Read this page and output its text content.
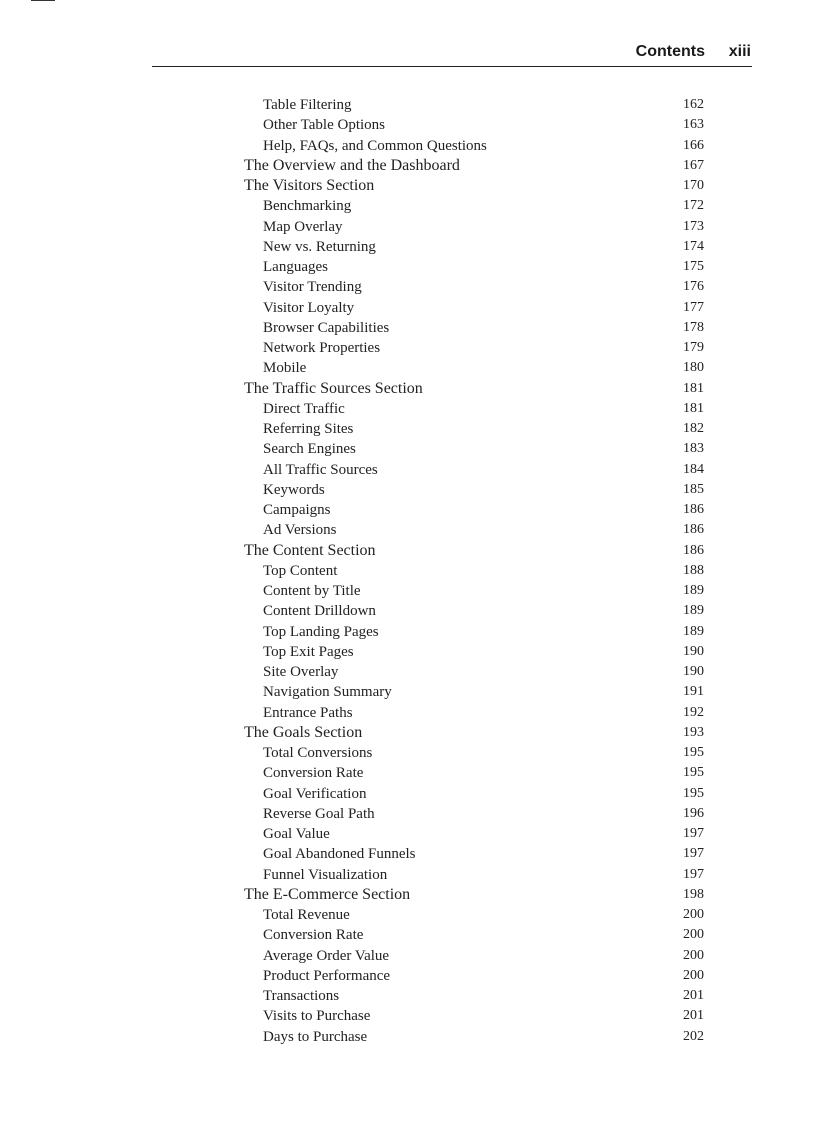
Contents xiii
Table Filtering	162
Other Table Options	163
Help, FAQs, and Common Questions	166
The Overview and the Dashboard	167
The Visitors Section	170
Benchmarking	172
Map Overlay	173
New vs. Returning	174
Languages	175
Visitor Trending	176
Visitor Loyalty	177
Browser Capabilities	178
Network Properties	179
Mobile	180
The Traffic Sources Section	181
Direct Traffic	181
Referring Sites	182
Search Engines	183
All Traffic Sources	184
Keywords	185
Campaigns	186
Ad Versions	186
The Content Section	186
Top Content	188
Content by Title	189
Content Drilldown	189
Top Landing Pages	189
Top Exit Pages	190
Site Overlay	190
Navigation Summary	191
Entrance Paths	192
The Goals Section	193
Total Conversions	195
Conversion Rate	195
Goal Verification	195
Reverse Goal Path	196
Goal Value	197
Goal Abandoned Funnels	197
Funnel Visualization	197
The E-Commerce Section	198
Total Revenue	200
Conversion Rate	200
Average Order Value	200
Product Performance	200
Transactions	201
Visits to Purchase	201
Days to Purchase	202
